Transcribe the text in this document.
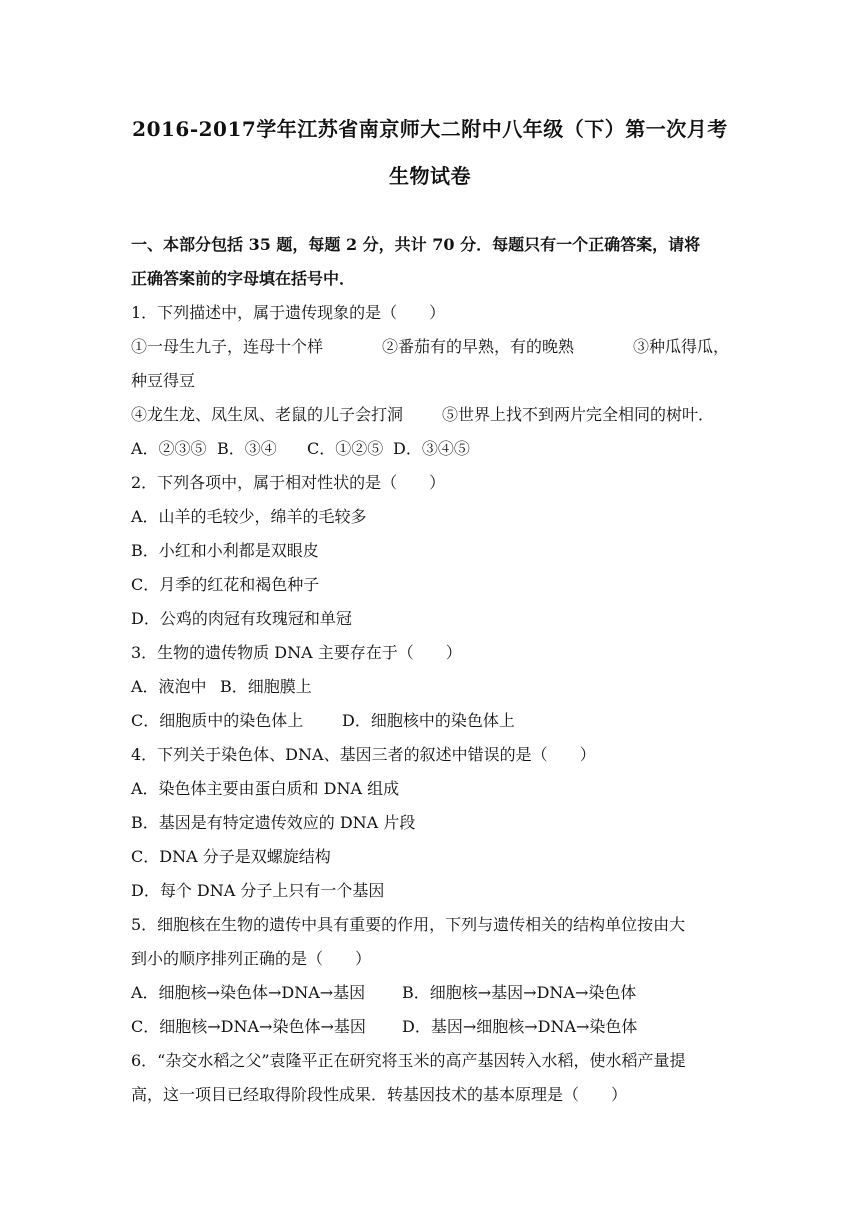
2016-2017学年江苏省南京师大二附中八年级（下）第一次月考
生物试卷
一、本部分包括 35 题，每题 2 分，共计 70 分．每题只有一个正确答案，请将
正确答案前的字母填在括号中．
1．下列描述中，属于遗传现象的是（　　）
①一母生九子，连母十个样	②番茄有的早熟，有的晚熟	③种瓜得瓜，
种豆得豆
④龙生龙、凤生凤、老鼠的儿子会打洞 ⑤世界上找不到两片完全相同的树叶．
A．②③⑤ B．③④ C．①②⑤ D．③④⑤
2．下列各项中，属于相对性状的是（　　）
A．山羊的毛较少，绵羊的毛较多
B．小红和小利都是双眼皮
C．月季的红花和褐色种子
D．公鸡的肉冠有玫瑰冠和单冠
3．生物的遗传物质 DNA 主要存在于（　　）
A．液泡中 B．细胞膜上
C．细胞质中的染色体上 D．细胞核中的染色体上
4．下列关于染色体、DNA、基因三者的叙述中错误的是（　　）
A．染色体主要由蛋白质和 DNA 组成
B．基因是有特定遗传效应的 DNA 片段
C．DNA 分子是双螺旋结构
D．每个 DNA 分子上只有一个基因
5．细胞核在生物的遗传中具有重要的作用，下列与遗传相关的结构单位按由大
到小的顺序排列正确的是（　　）
A．细胞核→染色体→DNA→基因 B．细胞核→基因→DNA→染色体
C．细胞核→DNA→染色体→基因 D．基因→细胞核→DNA→染色体
6．“杂交水稻之父”袁隆平正在研究将玉米的高产基因转入水稻，使水稻产量提
高，这一项目已经取得阶段性成果．转基因技术的基本原理是（　　）
